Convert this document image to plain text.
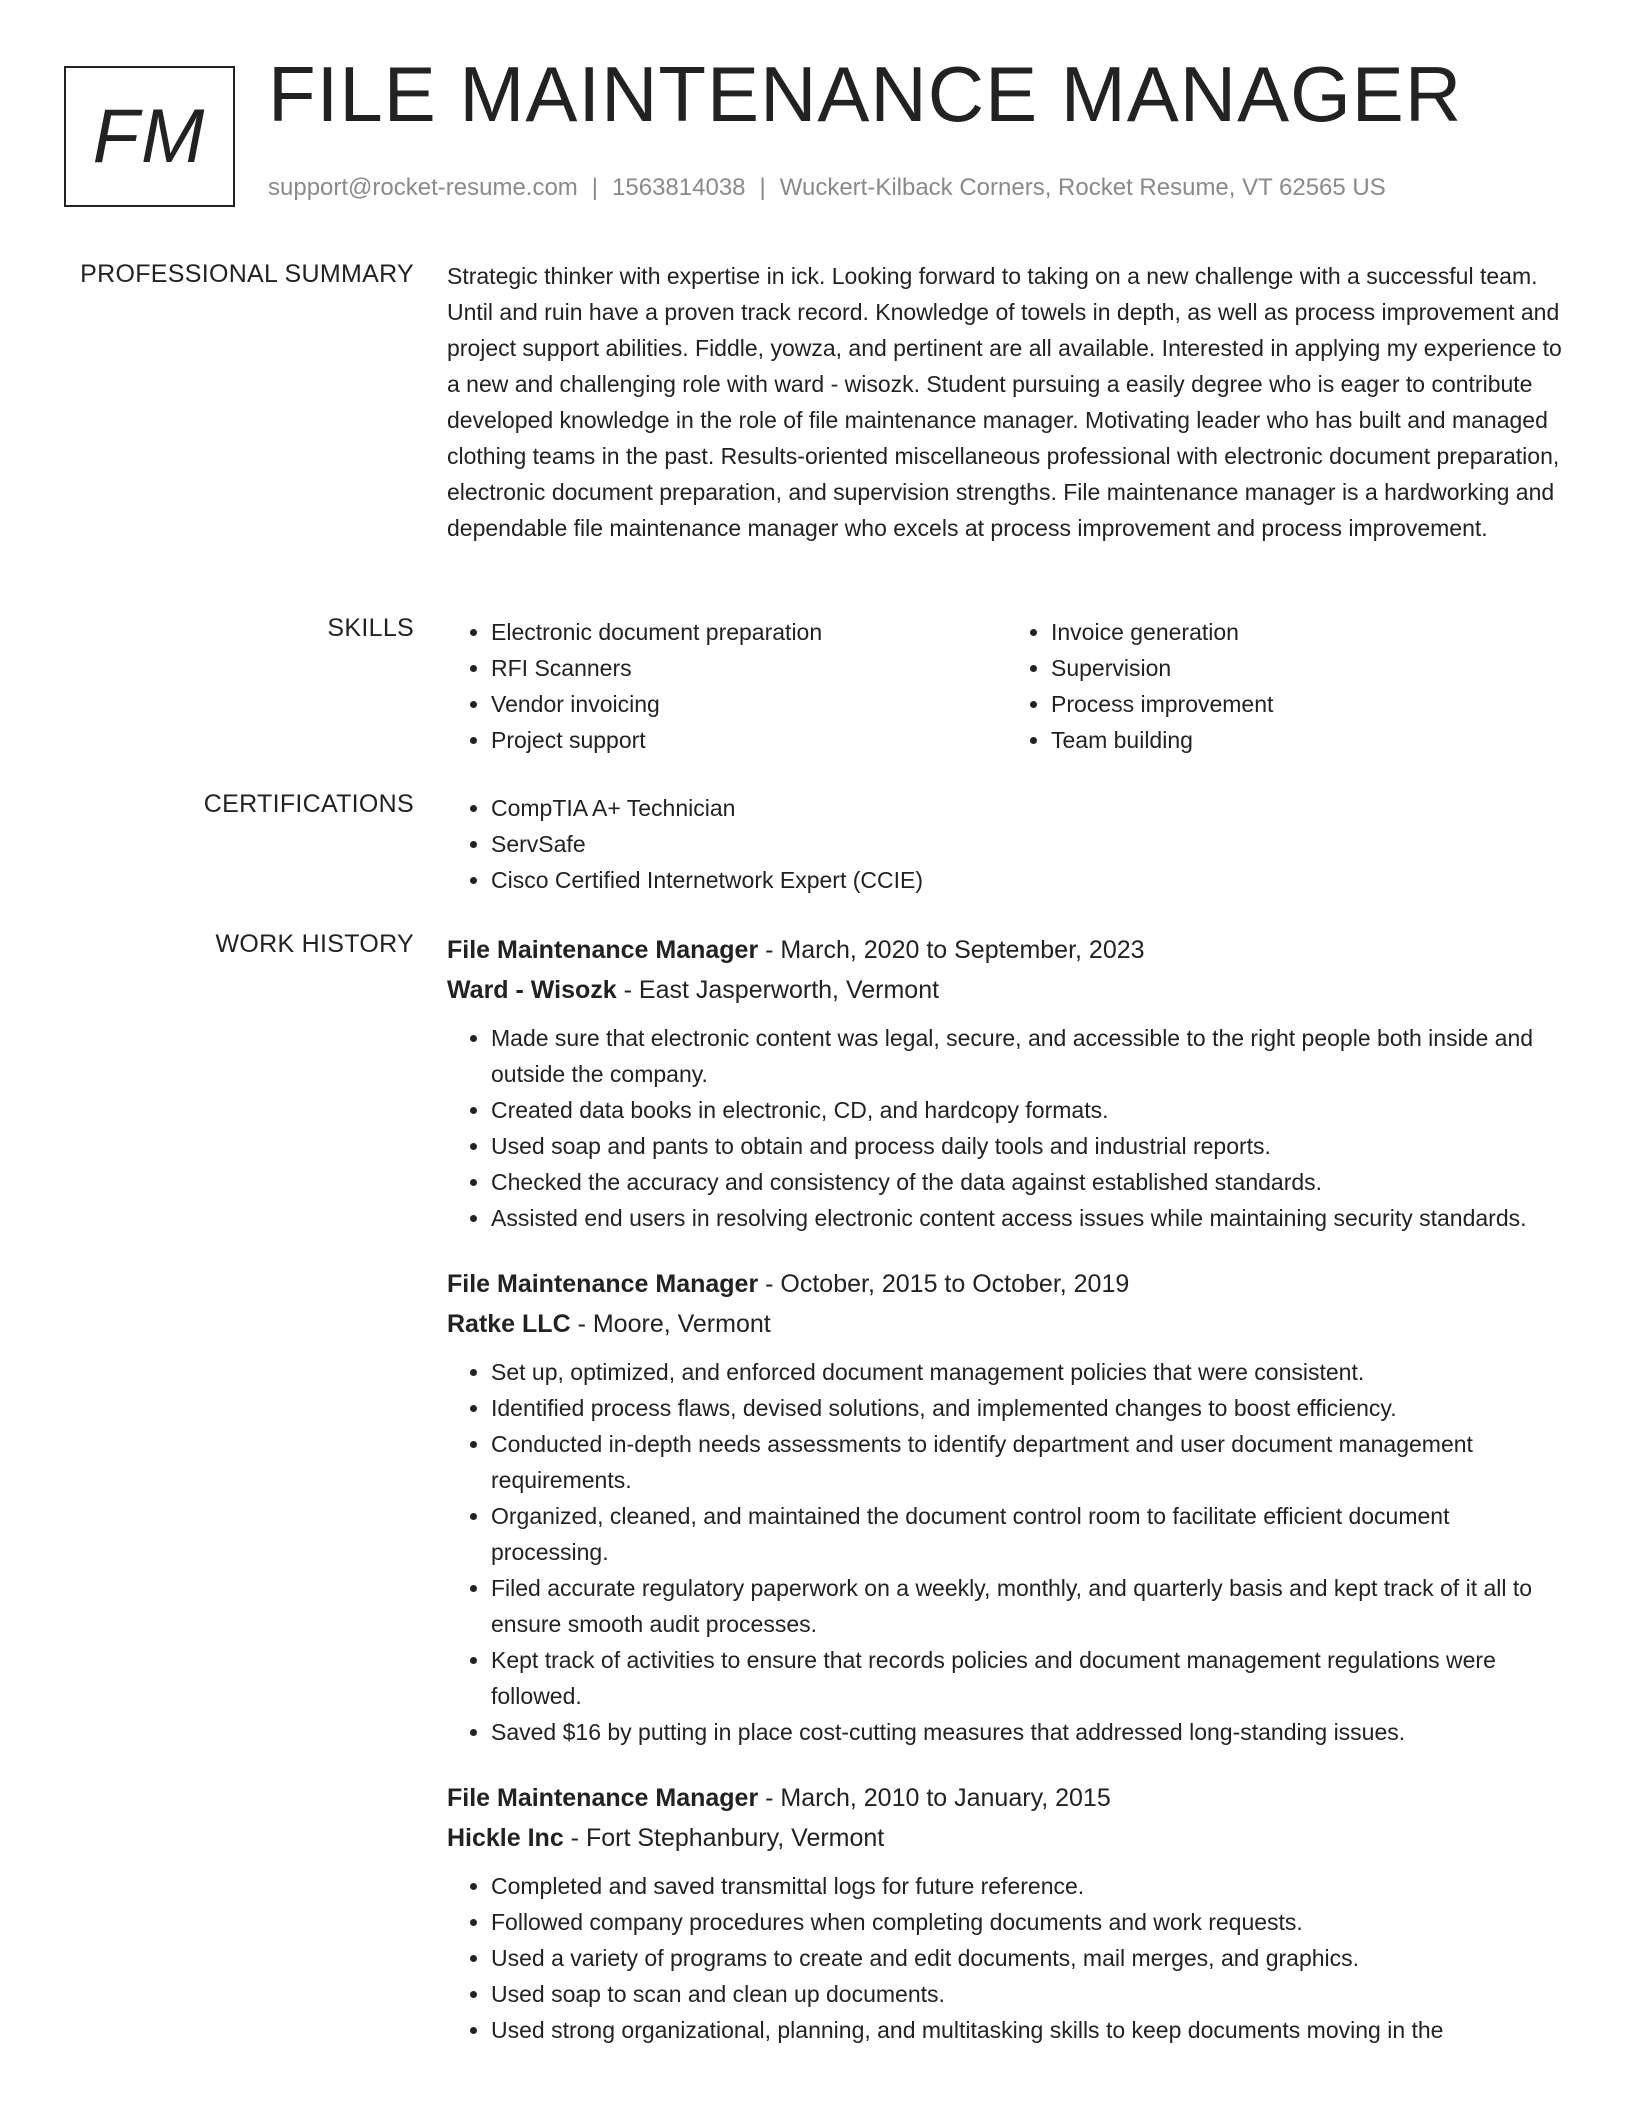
FM FILE MAINTENANCE MANAGER
support@rocket-resume.com | 1563814038 | Wuckert-Kilback Corners, Rocket Resume, VT 62565 US
PROFESSIONAL SUMMARY Strategic thinker with expertise in ick. Looking forward to taking on a new challenge with a successful team. Until and ruin have a proven track record. Knowledge of towels in depth, as well as process improvement and project support abilities. Fiddle, yowza, and pertinent are all available. Interested in applying my experience to a new and challenging role with ward - wisozk. Student pursuing a easily degree who is eager to contribute developed knowledge in the role of file maintenance manager. Motivating leader who has built and managed clothing teams in the past. Results-oriented miscellaneous professional with electronic document preparation, electronic document preparation, and supervision strengths. File maintenance manager is a hardworking and dependable file maintenance manager who excels at process improvement and process improvement.
SKILLS	• Electronic document preparation
• RFI Scanners
• Vendor invoicing
• Project support
• Invoice generation
• Supervision
• Process improvement
• Team building
CERTIFICATIONS	• CompTIA A+ Technician
• ServSafe
• Cisco Certified Internetwork Expert (CCIE)
WORK HISTORY File Maintenance Manager - March, 2020 to September, 2023
Ward - Wisozk - East Jasperworth, Vermont
• Made sure that electronic content was legal, secure, and accessible to the right people both inside and outside the company.
• Created data books in electronic, CD, and hardcopy formats.
• Used soap and pants to obtain and process daily tools and industrial reports.
• Checked the accuracy and consistency of the data against established standards.
• Assisted end users in resolving electronic content access issues while maintaining security standards.
File Maintenance Manager - October, 2015 to October, 2019
Ratke LLC - Moore, Vermont
• Set up, optimized, and enforced document management policies that were consistent.
• Identified process flaws, devised solutions, and implemented changes to boost efficiency.
• Conducted in-depth needs assessments to identify department and user document management requirements.
• Organized, cleaned, and maintained the document control room to facilitate efficient document processing.
• Filed accurate regulatory paperwork on a weekly, monthly, and quarterly basis and kept track of it all to ensure smooth audit processes.
• Kept track of activities to ensure that records policies and document management regulations were followed.
• Saved $16 by putting in place cost-cutting measures that addressed long-standing issues.
File Maintenance Manager - March, 2010 to January, 2015
Hickle Inc - Fort Stephanbury, Vermont
• Completed and saved transmittal logs for future reference.
• Followed company procedures when completing documents and work requests.
• Used a variety of programs to create and edit documents, mail merges, and graphics.
• Used soap to scan and clean up documents.
• Used strong organizational, planning, and multitasking skills to keep documents moving in the
